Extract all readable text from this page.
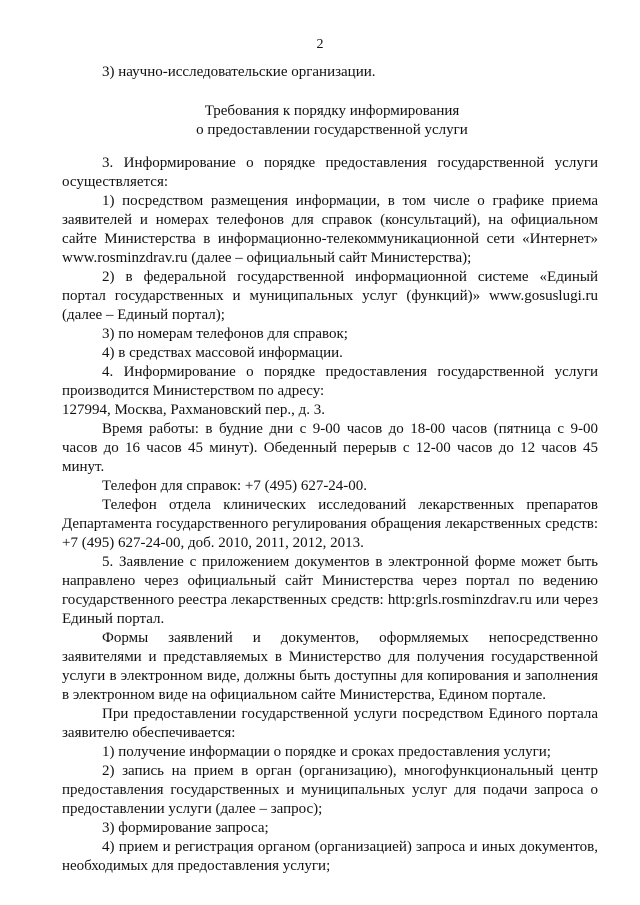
2
3) научно-исследовательские организации.
Требования к порядку информирования
о предоставлении государственной услуги

3. Информирование о порядке предоставления государственной услуги осуществляется:

1) посредством размещения информации, в том числе о графике приема заявителей и номерах телефонов для справок (консультаций), на официальном сайте Министерства в информационно-телекоммуникационной сети «Интернет» www.rosminzdrav.ru (далее – официальный сайт Министерства);

2) в федеральной государственной информационной системе «Единый портал государственных и муниципальных услуг (функций)» www.gosuslugi.ru (далее – Единый портал);

3) по номерам телефонов для справок;

4) в средствах массовой информации.

4. Информирование о порядке предоставления государственной услуги производится Министерством по адресу:

127994, Москва, Рахмановский пер., д. 3.

Время работы: в будние дни с 9-00 часов до 18-00 часов (пятница с 9-00 часов до 16 часов 45 минут). Обеденный перерыв с 12-00 часов до 12 часов 45 минут.

Телефон для справок: +7 (495) 627-24-00.

Телефон отдела клинических исследований лекарственных препаратов Департамента государственного регулирования обращения лекарственных средств: +7 (495) 627-24-00, доб. 2010, 2011, 2012, 2013.

5. Заявление с приложением документов в электронной форме может быть направлено через официальный сайт Министерства через портал по ведению государственного реестра лекарственных средств: http:grls.rosminzdrav.ru или через Единый портал.

Формы заявлений и документов, оформляемых непосредственно заявителями и представляемых в Министерство для получения государственной услуги в электронном виде, должны быть доступны для копирования и заполнения в электронном виде на официальном сайте Министерства, Едином портале.

При предоставлении государственной услуги посредством Единого портала заявителю обеспечивается:

1) получение информации о порядке и сроках предоставления услуги;

2) запись на прием в орган (организацию), многофункциональный центр предоставления государственных и муниципальных услуг для подачи запроса о предоставлении услуги (далее – запрос);

3) формирование запроса;

4) прием и регистрация органом (организацией) запроса и иных документов, необходимых для предоставления услуги;
